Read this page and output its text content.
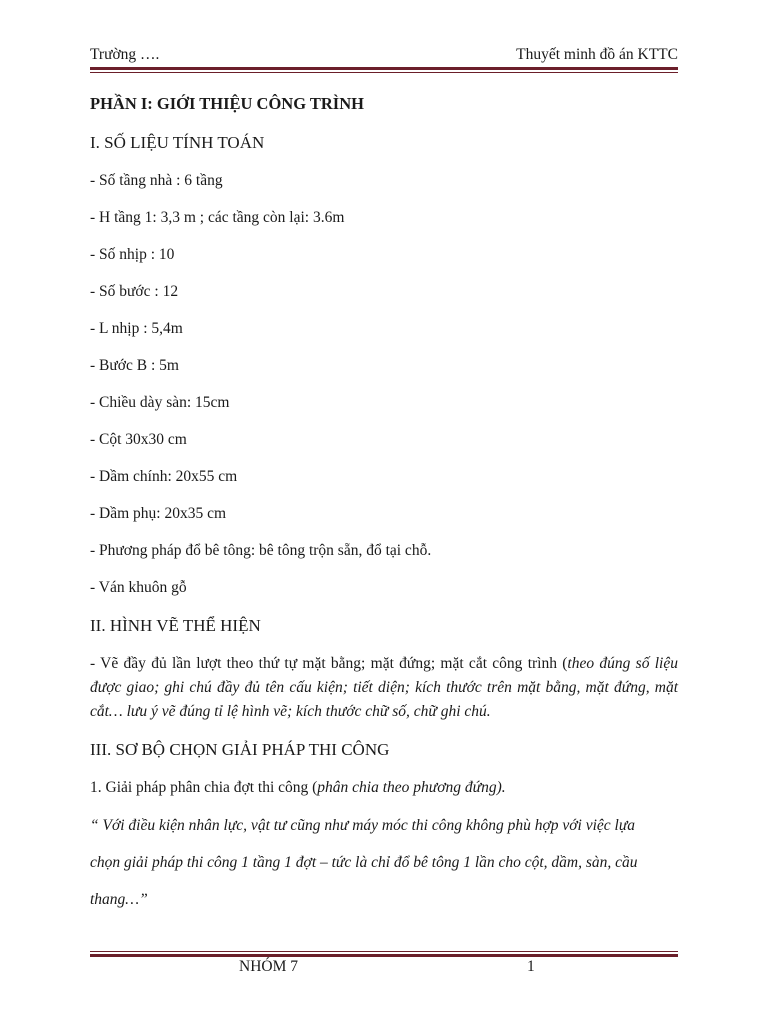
Trường ….	Thuyết minh đồ án KTTC
PHẦN I: GIỚI THIỆU CÔNG TRÌNH
I. SỐ LIỆU TÍNH TOÁN
- Số tầng nhà : 6 tầng
- H tầng 1: 3,3 m ; các tầng còn lại: 3.6m
- Số nhịp : 10
- Số bước : 12
- L nhịp : 5,4m
- Bước B : 5m
- Chiều dày sàn: 15cm
- Cột 30x30 cm
- Dầm chính: 20x55 cm
- Dầm phụ: 20x35 cm
- Phương pháp đổ bê tông: bê tông trộn sẵn, đổ tại chỗ.
- Ván khuôn gỗ
II. HÌNH VẼ THỂ HIỆN
- Vẽ đầy đủ lần lượt theo thứ tự mặt bằng; mặt đứng; mặt cắt công trình (theo đúng số liệu được giao; ghi chú đầy đủ tên cấu kiện; tiết diện; kích thước trên mặt bằng, mặt đứng, mặt cắt… lưu ý vẽ đúng tỉ lệ hình vẽ; kích thước chữ số, chữ ghi chú.
III. SƠ BỘ CHỌN GIẢI PHÁP THI CÔNG
1. Giải pháp phân chia đợt thi công (phân chia theo phương đứng).
“ Với điều kiện nhân lực, vật tư cũng như máy móc thi công không phù hợp với việc lựa
chọn giải pháp thi công 1 tầng 1 đợt – tức là chỉ đổ bê tông 1 lần cho cột, dầm, sàn, cầu
thang…”
NHÓM 7	1
